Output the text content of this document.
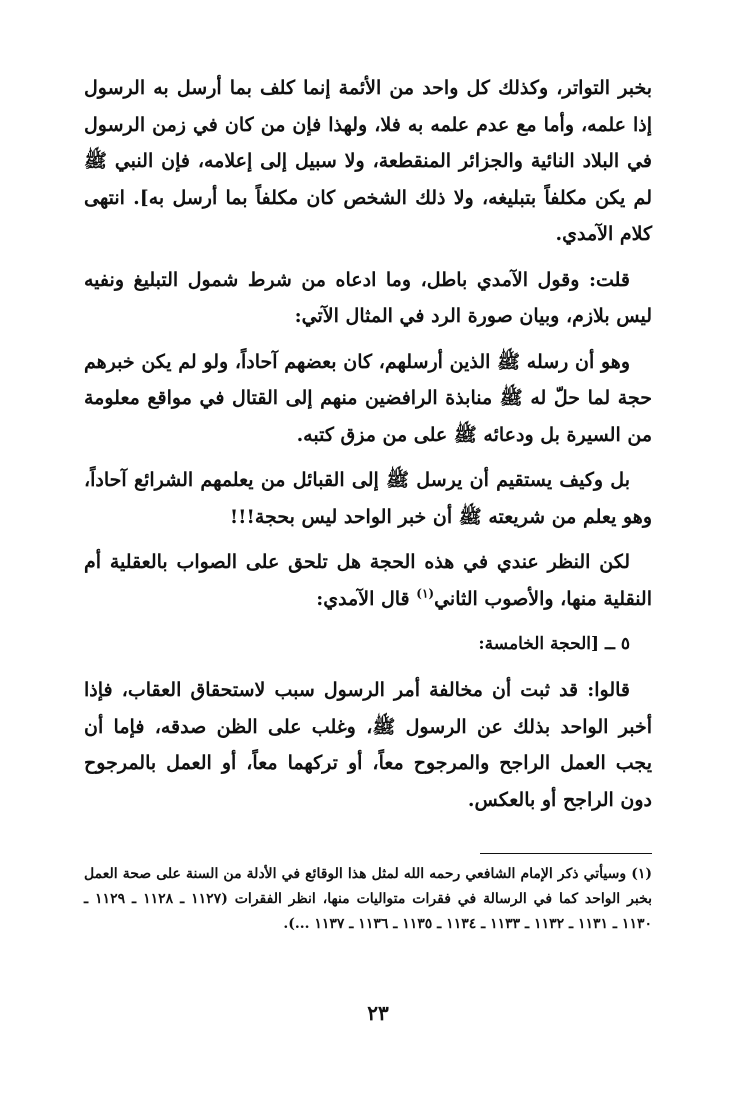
بخبر التواتر، وكذلك كل واحد من الأئمة إنما كلف بما أرسل به الرسول إذا علمه، وأما مع عدم علمه به فلا، ولهذا فإن من كان في زمن الرسول في البلاد النائية والجزائر المنقطعة، ولا سبيل إلى إعلامه، فإن النبي ﷺ لم يكن مكلفاً بتبليغه، ولا ذلك الشخص كان مكلفاً بما أرسل به]. انتهى كلام الآمدي.

قلت: وقول الآمدي باطل، وما ادعاه من شرط شمول التبليغ ونفيه ليس بلازم، وبيان صورة الرد في المثال الآتي:

وهو أن رسله ﷺ الذين أرسلهم، كان بعضهم آحاداً، ولو لم يكن خبرهم حجة لما حلّ له ﷺ منابذة الرافضين منهم إلى القتال في مواقع معلومة من السيرة بل ودعائه ﷺ على من مزق كتبه.

بل وكيف يستقيم أن يرسل ﷺ إلى القبائل من يعلمهم الشرائع آحاداً، وهو يعلم من شريعته ﷺ أن خبر الواحد ليس بحجة!!!

لكن النظر عندي في هذه الحجة هل تلحق على الصواب بالعقلية أم النقلية منها، والأصوب الثاني$^{(١)}$ قال الآمدي:

٥ ــ [الحجة الخامسة:

قالوا: قد ثبت أن مخالفة أمر الرسول سبب لاستحقاق العقاب، فإذا أخبر الواحد بذلك عن الرسول ﷺ، وغلب على الظن صدقه، فإما أن يجب العمل الراجح والمرجوح معاً، أو تركهما معاً، أو العمل بالمرجوح دون الراجح أو بالعكس.

(١) وسيأتي ذكر الإمام الشافعي رحمه الله لمثل هذا الوقائع في الأدلة من السنة على صحة العمل بخبر الواحد كما في الرسالة في فقرات متواليات منها، انظر الفقرات (١١٢٧ ـ ١١٢٨ ـ ١١٢٩ ـ ١١٣٠ ـ ١١٣١ ـ ١١٣٢ ـ ١١٣٣ ـ ١١٣٤ ـ ١١٣٥ ـ ١١٣٦ ـ ١١٣٧ ...).

٢٣
